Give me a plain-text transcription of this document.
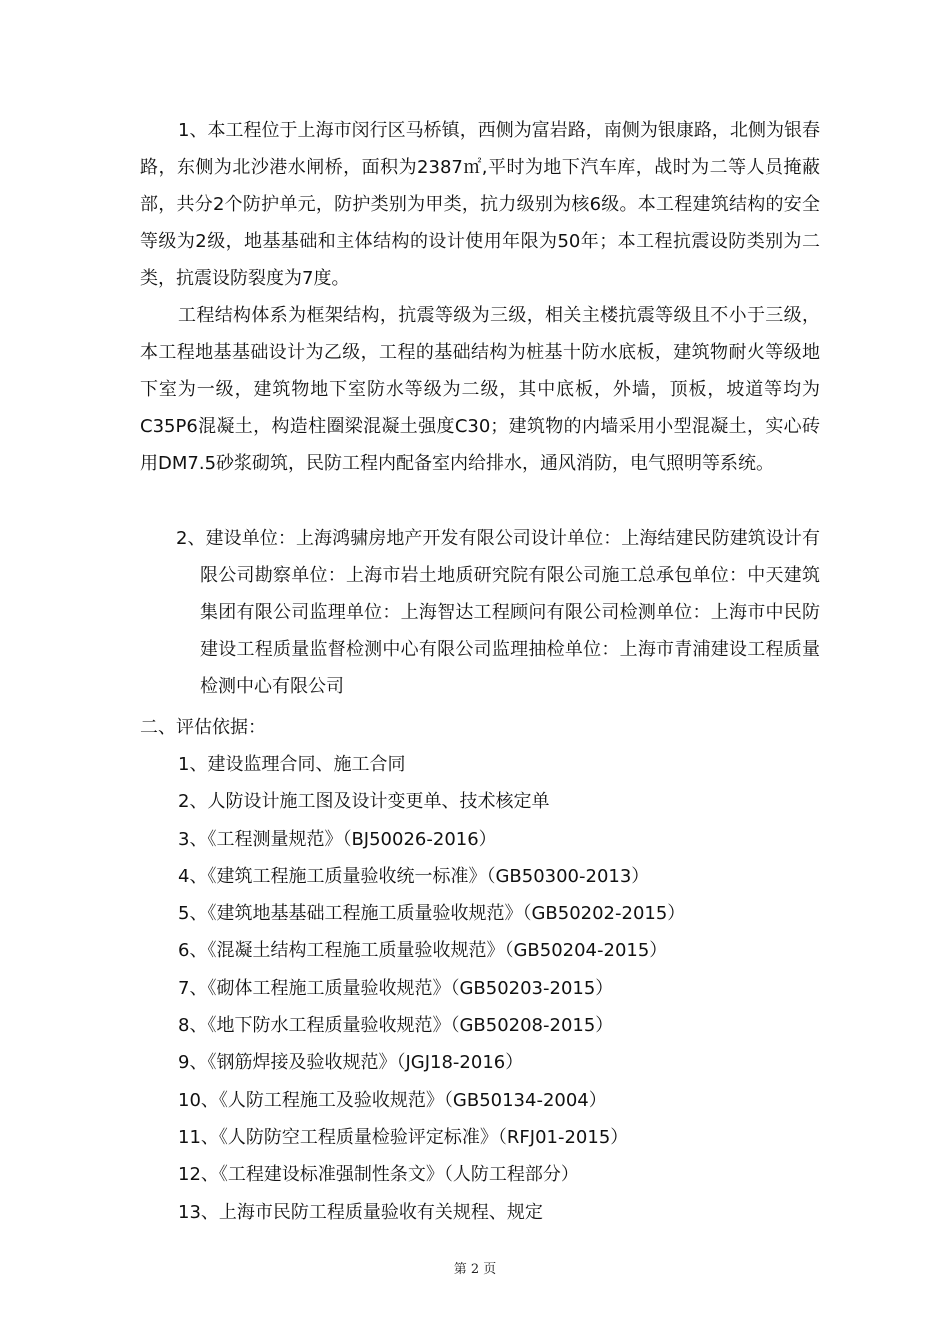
1、本工程位于上海市闵行区马桥镇，西侧为富岩路，南侧为银康路，北侧为银春路，东侧为北沙港水闸桥，面积为2387㎡,平时为地下汽车库，战时为二等人员掩蔽部，共分2个防护单元，防护类别为甲类，抗力级别为核6级。本工程建筑结构的安全等级为2级，地基基础和主体结构的设计使用年限为50年；本工程抗震设防类别为二类，抗震设防裂度为7度。

工程结构体系为框架结构，抗震等级为三级，相关主楼抗震等级且不小于三级，本工程地基基础设计为乙级，工程的基础结构为桩基十防水底板，建筑物耐火等级地下室为一级，建筑物地下室防水等级为二级，其中底板，外墙，顶板，坡道等均为C35P6混凝土，构造柱圈梁混凝土强度C30；建筑物的内墙采用小型混凝土，实心砖用DM7.5砂浆砌筑，民防工程内配备室内给排水，通风消防，电气照明等系统。

2、建设单位：上海鸿骕房地产开发有限公司设计单位：上海结建民防建筑设计有限公司勘察单位：上海市岩土地质研究院有限公司施工总承包单位：中天建筑集团有限公司监理单位：上海智达工程顾问有限公司检测单位：上海市中民防建设工程质量监督检测中心有限公司监理抽检单位：上海市青浦建设工程质量检测中心有限公司

二、评估依据：

1、建设监理合同、施工合同
2、人防设计施工图及设计变更单、技术核定单
3、《工程测量规范》（BJ50026-2016）
4、《建筑工程施工质量验收统一标准》（GB50300-2013）
5、《建筑地基基础工程施工质量验收规范》（GB50202-2015）
6、《混凝土结构工程施工质量验收规范》（GB50204-2015）
7、《砌体工程施工质量验收规范》（GB50203-2015）
8、《地下防水工程质量验收规范》（GB50208-2015）
9、《钢筋焊接及验收规范》（JGJ18-2016）
10、《人防工程施工及验收规范》（GB50134-2004）
11、《人防防空工程质量检验评定标准》（RFJ01-2015）
12、《工程建设标准强制性条文》（人防工程部分）
13、上海市民防工程质量验收有关规程、规定
第 2 页
